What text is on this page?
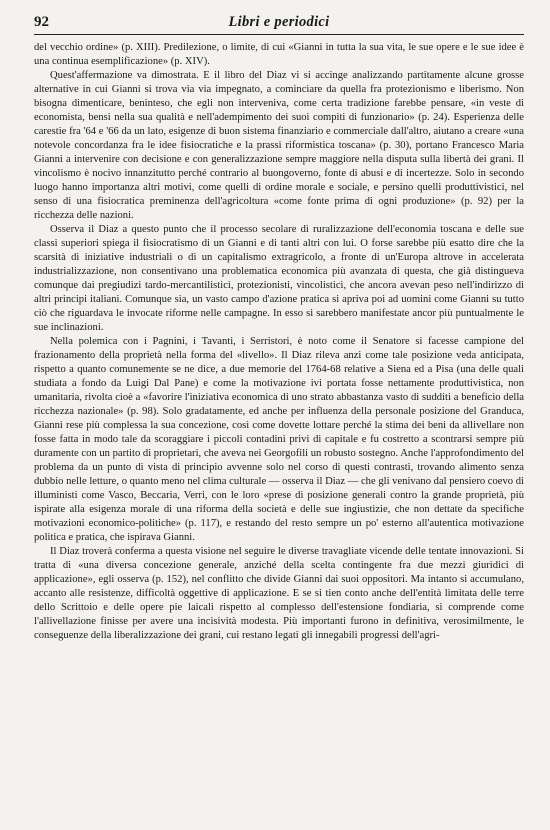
92	Libri e periodici

del vecchio ordine» (p. XIII). Predilezione, o limite, di cui «Gianni in tutta la sua vita, le sue opere e le sue idee è una continua esemplificazione» (p. XIV).

Quest'affermazione va dimostrata. E il libro del Diaz vi si accinge analizzando partitamente alcune grosse alternative in cui Gianni si trova via via impegnato, a cominciare da quella fra protezionismo e liberismo. Non bisogna dimenticare, beninteso, che egli non interveniva, come certa tradizione farebbe pensare, «in veste di economista, bensì nella sua qualità e nell'adempimento dei suoi compiti di funzionario» (p. 24). Esperienza delle carestie fra '64 e '66 da un lato, esigenze di buon sistema finanziario e commerciale dall'altro, aiutano a creare «una notevole concordanza fra le idee fisiocratiche e la prassi riformistica toscana» (p. 30), portano Francesco Maria Gianni a intervenire con decisione e con generalizzazione sempre maggiore nella disputa sulla libertà dei grani. Il vincolismo è nocivo innanzitutto perché contrario al buongoverno, fonte di abusi e di incertezze. Solo in secondo luogo hanno importanza altri motivi, come quelli di ordine morale e sociale, e persino quelli produttivistici, nel senso di una fisiocratica preminenza dell'agricoltura «come fonte prima di ogni produzione» (p. 92) per la ricchezza delle nazioni.

Osserva il Diaz a questo punto che il processo secolare di ruralizzazione dell'economia toscana e delle sue classi superiori spiega il fisiocratismo di un Gianni e di tanti altri con lui. O forse sarebbe più esatto dire che la scarsità di iniziative industriali o di un capitalismo extragricolo, a fronte di un'Europa altrove in accelerata industrializzazione, non consentivano una problematica economica più avanzata di questa, che già distingueva comunque dai pregiudizi tardo-mercantilistici, protezionisti, vincolistici, che ancora avevan peso nell'indirizzo di altri principi italiani. Comunque sia, un vasto campo d'azione pratica si apriva poi ad uomini come Gianni su tutto ciò che riguardava le invocate riforme nelle campagne. In esso si sarebbero manifestate ancor più puntualmente le sue inclinazioni.

Nella polemica con i Pagnini, i Tavanti, i Serristori, è noto come il Senatore si facesse campione del frazionamento della proprietà nella forma del «livello». Il Diaz rileva anzi come tale posizione veda anticipata, rispetto a quanto comunemente se ne dice, a due memorie del 1764-68 relative a Siena ed a Pisa (una delle quali studiata a fondo da Luigi Dal Pane) e come la motivazione ivi portata fosse nettamente produttivistica, non umanitaria, rivolta cioè a «favorire l'iniziativa economica di uno strato abbastanza vasto di sudditi a beneficio della ricchezza nazionale» (p. 98). Solo gradatamente, ed anche per influenza della personale posizione del Granduca, Gianni rese più complessa la sua concezione, così come dovette lottare perché la stima dei beni da allivellare non fosse fatta in modo tale da scoraggiare i piccoli contadini privi di capitale e fu costretto a scontrarsi sempre più duramente con un partito di proprietari, che aveva nei Georgofili un robusto sostegno. Anche l'approfondimento del problema da un punto di vista di principio avvenne solo nel corso di questi contrasti, trovando alimento senza dubbio nelle letture, o quanto meno nel clima culturale — osserva il Diaz — che gli venivano dal pensiero coevo di illuministi come Vasco, Beccaria, Verri, con le loro «prese di posizione generali contro la grande proprietà, più ispirate alla esigenza morale di una riforma della società e delle sue ingiustizie, che non dettate da specifiche motivazioni economico-politiche» (p. 117), e restando del resto sempre un po' esterno all'autentica motivazione politica e pratica, che ispirava Gianni.

Il Diaz troverà conferma a questa visione nel seguire le diverse travagliate vicende delle tentate innovazioni. Si tratta di «una diversa concezione generale, anziché della scelta contingente fra due mezzi giuridici di applicazione», egli osserva (p. 152), nel conflitto che divide Gianni dai suoi oppositori. Ma intanto si accumulano, accanto alle resistenze, difficoltà oggettive di applicazione. E se si tien conto anche dell'entità limitata delle terre dello Scrittoio e delle opere pie laicali rispetto al complesso dell'estensione fondiaria, si comprende come l'allivellazione finisse per avere una incisività modesta. Più importanti furono in definitiva, verosimilmente, le conseguenze della liberalizzazione dei grani, cui restano legati gli innegabili progressi dell'agri-
